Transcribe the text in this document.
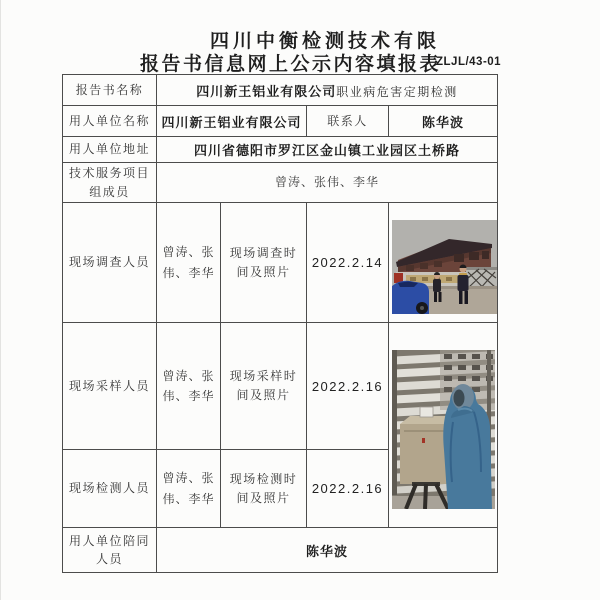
四川中衡检测技术有限
报告书信息网上公示内容填报表
ZLJL/43-01
报告书名称	四川新王铝业有限公司职业病危害定期检测			
用人单位名称	四川新王铝业有限公司		联系人	陈华波
用人单位地址	四川省德阳市罗江区金山镇工业园区土桥路			
技术服务项目组成员	曾涛、张伟、李华			
现场调查人员	曾涛、张伟、李华	现场调查时间及照片	2022.2.14	

现场采样人员	曾涛、张伟、李华	现场采样时间及照片	2022.2.16	

现场检测人员	曾涛、张伟、李华	现场检测时间及照片	2022.2.16	
用人单位陪同人员	陈华波			
